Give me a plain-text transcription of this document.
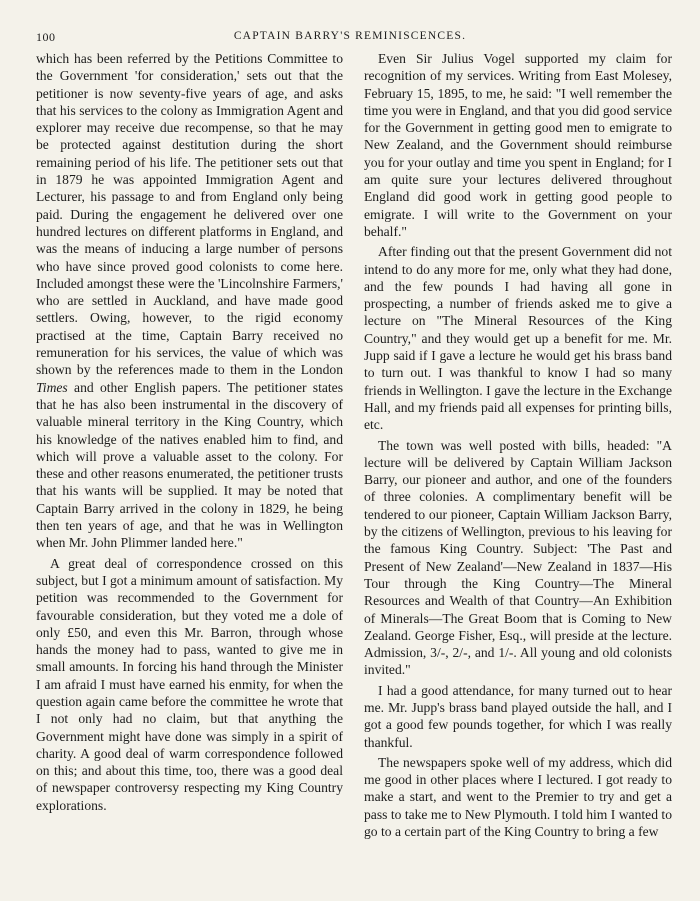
100	CAPTAIN BARRY'S REMINISCENCES.

which has been referred by the Petitions Committee to the Government 'for consideration,' sets out that the petitioner is now seventy-five years of age, and asks that his services to the colony as Immigration Agent and explorer may receive due recompense, so that he may be protected against destitution during the short remaining period of his life. The petitioner sets out that in 1879 he was appointed Immigration Agent and Lecturer, his passage to and from England only being paid. During the engagement he delivered over one hundred lectures on different platforms in England, and was the means of inducing a large number of persons who have since proved good colonists to come here. Included amongst these were the 'Lincolnshire Farmers,' who are settled in Auckland, and have made good settlers. Owing, however, to the rigid economy practised at the time, Captain Barry received no remuneration for his services, the value of which was shown by the references made to them in the London Times and other English papers. The petitioner states that he has also been instrumental in the discovery of valuable mineral territory in the King Country, which his knowledge of the natives enabled him to find, and which will prove a valuable asset to the colony. For these and other reasons enumerated, the petitioner trusts that his wants will be supplied. It may be noted that Captain Barry arrived in the colony in 1829, he being then ten years of age, and that he was in Wellington when Mr. John Plimmer landed here."

A great deal of correspondence crossed on this subject, but I got a minimum amount of satisfaction. My petition was recommended to the Government for favourable consideration, but they voted me a dole of only £50, and even this Mr. Barron, through whose hands the money had to pass, wanted to give me in small amounts. In forcing his hand through the Minister I am afraid I must have earned his enmity, for when the question again came before the committee he wrote that I not only had no claim, but that anything the Government might have done was simply in a spirit of charity. A good deal of warm correspondence followed on this; and about this time, too, there was a good deal of newspaper controversy respecting my King Country explorations.

Even Sir Julius Vogel supported my claim for recognition of my services. Writing from East Molesey, February 15, 1895, to me, he said: "I well remember the time you were in England, and that you did good service for the Government in getting good men to emigrate to New Zealand, and the Government should reimburse you for your outlay and time you spent in England; for I am quite sure your lectures delivered throughout England did good work in getting good people to emigrate. I will write to the Government on your behalf."

After finding out that the present Government did not intend to do any more for me, only what they had done, and the few pounds I had having all gone in prospecting, a number of friends asked me to give a lecture on "The Mineral Resources of the King Country," and they would get up a benefit for me. Mr. Jupp said if I gave a lecture he would get his brass band to turn out. I was thankful to know I had so many friends in Wellington. I gave the lecture in the Exchange Hall, and my friends paid all expenses for printing bills, etc.

The town was well posted with bills, headed: "A lecture will be delivered by Captain William Jackson Barry, our pioneer and author, and one of the founders of three colonies. A complimentary benefit will be tendered to our pioneer, Captain William Jackson Barry, by the citizens of Wellington, previous to his leaving for the famous King Country. Subject: 'The Past and Present of New Zealand'—New Zealand in 1837—His Tour through the King Country—The Mineral Resources and Wealth of that Country—An Exhibition of Minerals—The Great Boom that is Coming to New Zealand. George Fisher, Esq., will preside at the lecture. Admission, 3/-, 2/-, and 1/-. All young and old colonists invited."

I had a good attendance, for many turned out to hear me. Mr. Jupp's brass band played outside the hall, and I got a good few pounds together, for which I was really thankful.

The newspapers spoke well of my address, which did me good in other places where I lectured. I got ready to make a start, and went to the Premier to try and get a pass to take me to New Plymouth. I told him I wanted to go to a certain part of the King Country to bring a few
